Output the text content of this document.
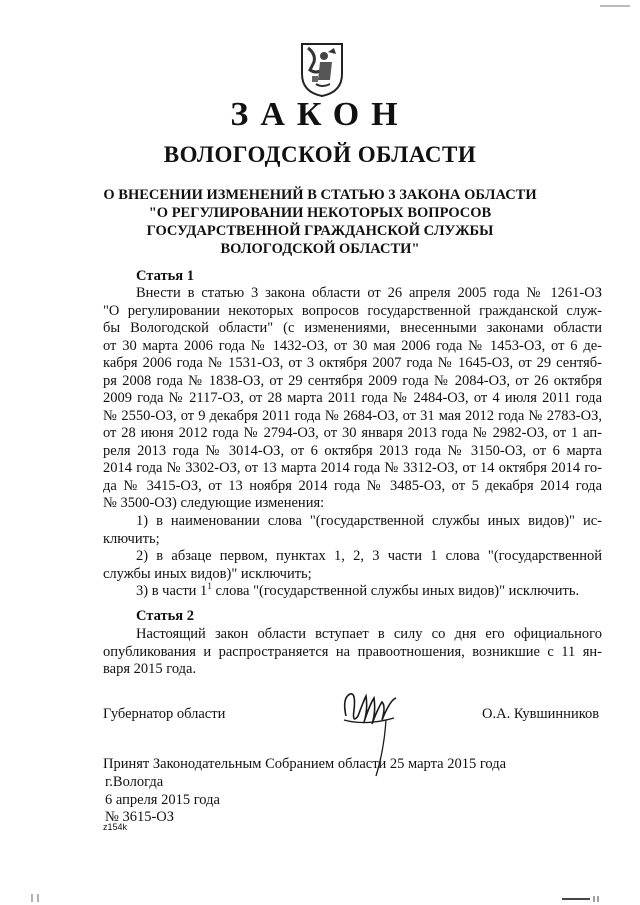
ЗАКОН
ВОЛОГОДСКОЙ ОБЛАСТИ
О ВНЕСЕНИИ ИЗМЕНЕНИЙ В СТАТЬЮ 3 ЗАКОНА ОБЛАСТИ
"О РЕГУЛИРОВАНИИ НЕКОТОРЫХ ВОПРОСОВ
ГОСУДАРСТВЕННОЙ ГРАЖДАНСКОЙ СЛУЖБЫ
ВОЛОГОДСКОЙ ОБЛАСТИ"
Статья 1
Внести в статью 3 закона области от 26 апреля 2005 года № 1261-ОЗ
"О регулировании некоторых вопросов государственной гражданской служ-
бы Вологодской области" (с изменениями, внесенными законами области
от 30 марта 2006 года № 1432-ОЗ, от 30 мая 2006 года № 1453-ОЗ, от 6 де-
кабря 2006 года № 1531-ОЗ, от 3 октября 2007 года № 1645-ОЗ, от 29 сентяб-
ря 2008 года № 1838-ОЗ, от 29 сентября 2009 года № 2084-ОЗ, от 26 октября
2009 года № 2117-ОЗ, от 28 марта 2011 года № 2484-ОЗ, от 4 июля 2011 года
№ 2550-ОЗ, от 9 декабря 2011 года № 2684-ОЗ, от 31 мая 2012 года № 2783-ОЗ,
от 28 июня 2012 года № 2794-ОЗ, от 30 января 2013 года № 2982-ОЗ, от 1 ап-
реля 2013 года № 3014-ОЗ, от 6 октября 2013 года № 3150-ОЗ, от 6 марта
2014 года № 3302-ОЗ, от 13 марта 2014 года № 3312-ОЗ, от 14 октября 2014 го-
да № 3415-ОЗ, от 13 ноября 2014 года № 3485-ОЗ, от 5 декабря 2014 года
№ 3500-ОЗ) следующие изменения:
1) в наименовании слова "(государственной службы иных видов)" ис-
ключить;
2) в абзаце первом, пунктах 1, 2, 3 части 1 слова "(государственной
службы иных видов)" исключить;
3) в части $1^1$ слова "(государственной службы иных видов)" исключить.
Статья 2
Настоящий закон области вступает в силу со дня его официального
опубликования и распространяется на правоотношения, возникшие с 11 ян-
варя 2015 года.
Губернатор области	О.А. Кувшинников
Принят Законодательным Собранием области 25 марта 2015 года
г.Вологда
6 апреля 2015 года
№ 3615-ОЗ
z154k
